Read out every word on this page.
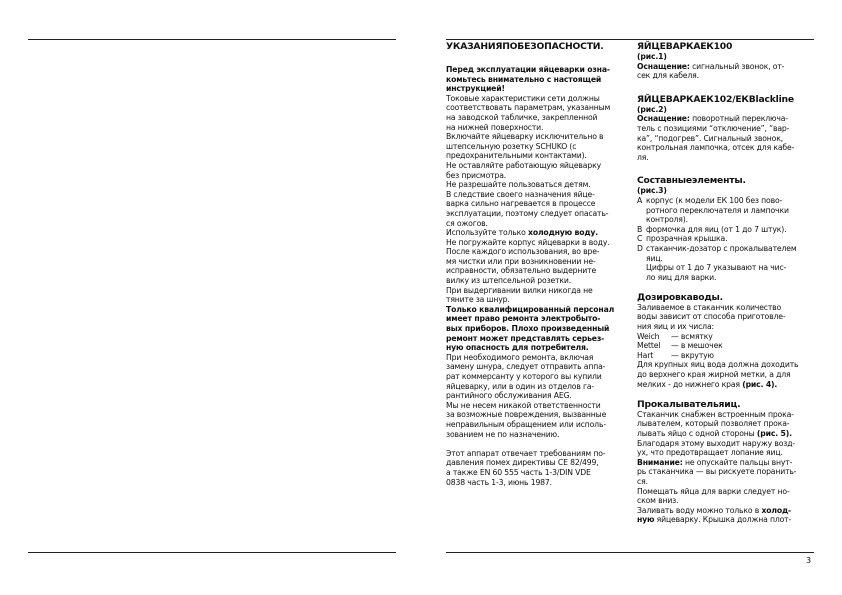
УКАЗАНИЯПОБЕЗОПАСНОСТИ.

Перед эксплуатации яйцеварки озна-

комьтесь внимательно с настоящей

инструкцией!

Токовые характеристики сети должны

соответствовать параметрам, указанным

на заводской табличке, закрепленной

на нижней поверхности.

Включайте яйцеварку исключительно в

штепсельную розетку SCHUKO (с

предохранительными контактами).

Не оставляйте работающую яйцеварку

без присмотра.

Не разрешайте пользоваться детям.

В следствие своего назначения яйце-

варка сильно нагревается в процессе

эксплуатации, поэтому следует опасать-

ся ожогов.

Используйте только холодную воду.

Не погружайте корпус яйцеварки в воду.

После каждого использования, во вре-

мя чистки или при возникновении не-

исправности, обязательно выдерните

вилку из штепсельной розетки.

При выдергивании вилки никогда не

тяните за шнур.

Только квалифицированный персонал

имеет право ремонта электробыто-

вых приборов. Плохо произведенный

ремонт может представлять серьез-

ную опасность для потребителя.

При необходимого ремонта, включая

замену шнура, следует отправить аппа-

рат коммерсанту у которого вы купили

яйцеварку, или в один из отделов га-

рантийного обслуживания AEG.

Мы не несем никакой ответственности

за возможные повреждения, вызванные

неправильным обращением или исполь-

зованием не по назначению.

Этот аппарат отвечает требованиям по-

давления помех директивы CE 82/499,

а также EN 60 555 часть 1-3/DIN VDE

0838 часть 1-3, июнь 1987.

ЯЙЦЕВАРКАЕК100

(рис.1)

Оснащение: сигнальный звонок, от-

сек для кабеля.

ЯЙЦЕВАРКАЕК102/ЕКBlackline

(рис.2)

Оснащение: поворотный переключа-

тель с позициями “отключение”, “вар-

ка”, “подогрев”. Сигнальный звонок,

контрольная лампочка, отсек для кабе-

ля.

Составныеэлементы.

(рис.3)

A корпус (к модели ЕК 100 без пово-

ротного переключателя и лампочки

контроля).

B формочка для яиц (от 1 до 7 штук).

C прозрачная крышка.

D стаканчик-дозатор с прокалывателем

яиц.

Цифры от 1 до 7 указывают на чис-

ло яиц для варки.

Дозировкаводы.

Заливаемое в стаканчик количество

воды зависит от способа приготовле-

ния яиц и их числа:

Weich	— всмятку
Mettel	— в мешочек
Hart	— вкрутую

Для крупных яиц вода должна доходить

до верхнего края жирной метки, а для

мелких - до нижнего края (рис. 4).

Прокалывательяиц.

Стаканчик снабжен встроенным прока-

лывателем, который позволяет прока-

лывать яйцо с одной стороны (рис. 5).

Благодаря этому выходит наружу возд-

ух, что предотвращает лопание яиц.

Внимание: не опускайте пальцы внут-

рь стаканчика — вы рискуете поранить-

ся.

Помещать яйца для варки следует но-

ском вниз.

Заливать воду можно только в холод-

ную яйцеварку. Крышка должна плот-

3
